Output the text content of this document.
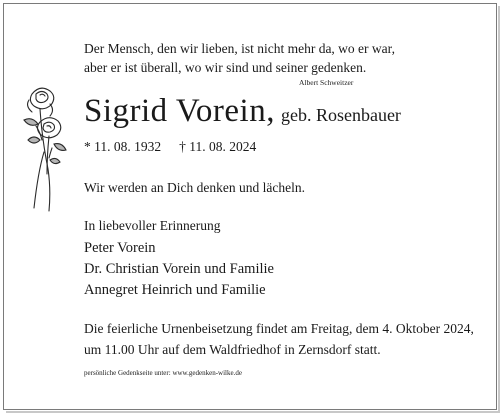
Der Mensch, den wir lieben, ist nicht mehr da, wo er war,
aber er ist überall, wo wir sind und seiner gedenken.
Albert Schweitzer
Sigrid Vorein, geb. Rosenbauer
* 11. 08. 1932 † 11. 08. 2024
Wir werden an Dich denken und lächeln.
In liebevoller Erinnerung
Peter Vorein
Dr. Christian Vorein und Familie
Annegret Heinrich und Familie
Die feierliche Urnenbeisetzung findet am Freitag, dem 4. Oktober 2024,
um 11.00 Uhr auf dem Waldfriedhof in Zernsdorf statt.
persönliche Gedenkseite unter: www.gedenken-wilke.de
